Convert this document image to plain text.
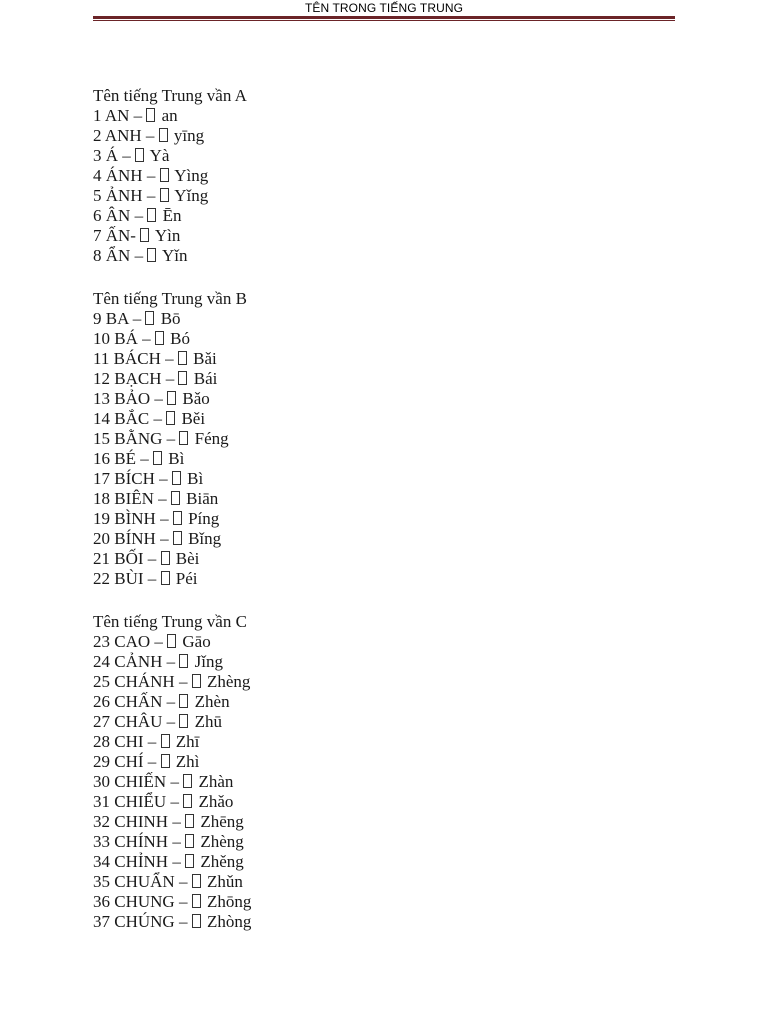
TÊN TRONG TIẾNG TRUNG
Tên tiếng Trung vần A
1 AN – an
2 ANH – yīng
3 Á – Yà
4 ÁNH – Yìng
5 ẢNH – Yǐng
6 ÂN – Ēn
7 ẤN- Yìn
8 ẨN – Yǐn
Tên tiếng Trung vần B
9 BA – Bō
10 BÁ – Bó
11 BÁCH – Bǎi
12 BẠCH – Bái
13 BẢO – Bǎo
14 BẮC – Běi
15 BẰNG – Féng
16 BÉ – Bì
17 BÍCH – Bì
18 BIÊN – Biān
19 BÌNH – Píng
20 BÍNH – Bǐng
21 BỐI – Bèi
22 BÙI – Péi
Tên tiếng Trung vần C
23 CAO – Gāo
24 CẢNH – Jǐng
25 CHÁNH – Zhèng
26 CHẤN – Zhèn
27 CHÂU – Zhū
28 CHI – Zhī
29 CHÍ – Zhì
30 CHIẾN – Zhàn
31 CHIỂU – Zhǎo
32 CHINH – Zhēng
33 CHÍNH – Zhèng
34 CHỈNH – Zhěng
35 CHUẨN – Zhǔn
36 CHUNG – Zhōng
37 CHÚNG – Zhòng
